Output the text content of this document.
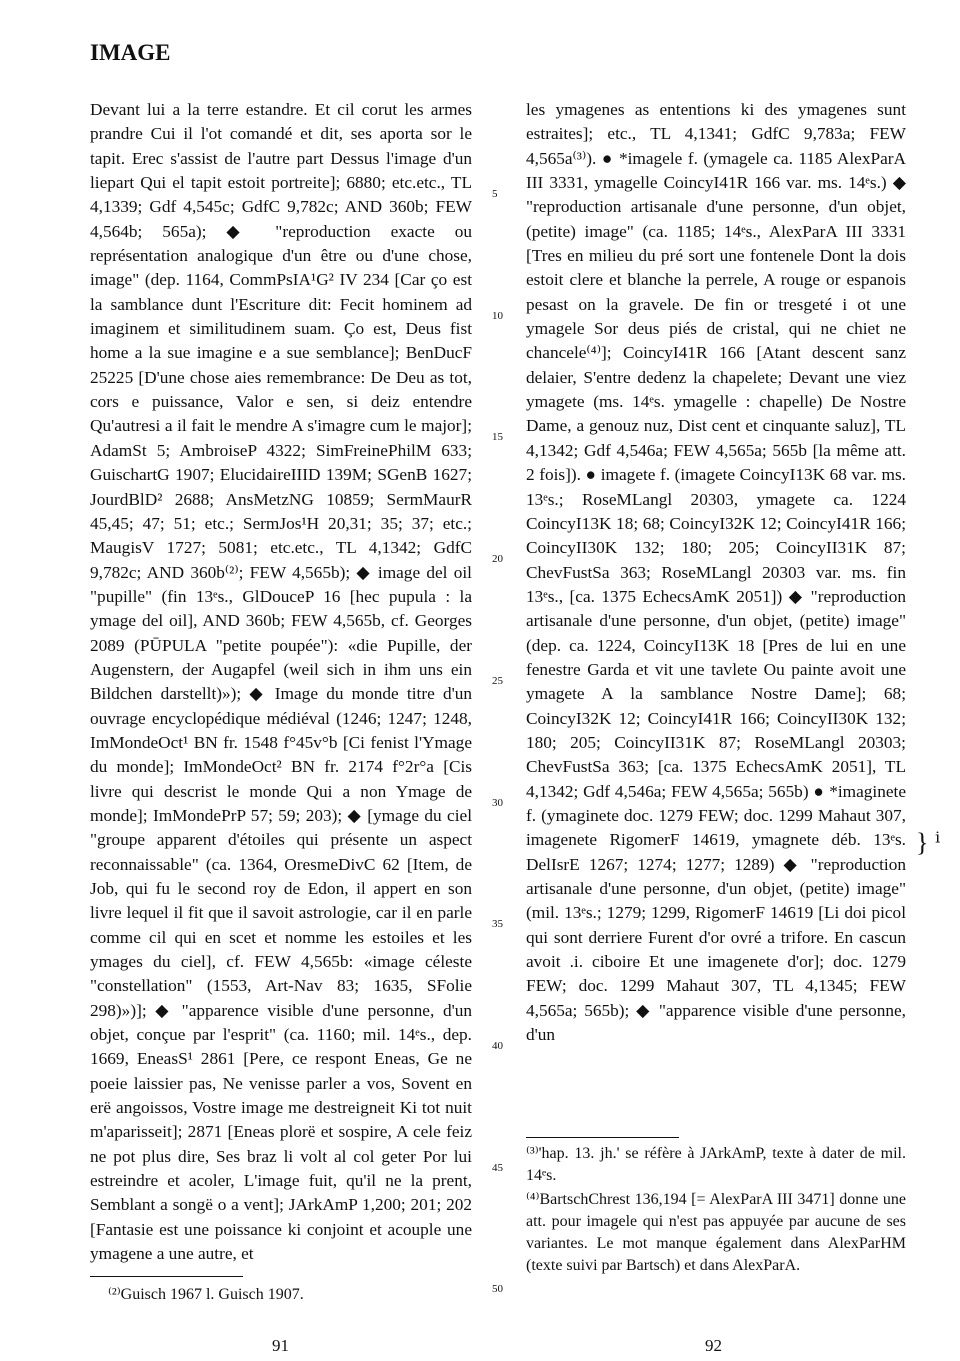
IMAGE

Devant lui a la terre estandre. Et cil corut les armes prandre Cui il l'ot comandé et dit, ses aporta sor le tapit. Erec s'assist de l'autre part Dessus l'image d'un liepart Qui el tapit estoit portreite]; 6880; etc.etc., TL 4,1339; Gdf 4,545c; GdfC 9,782c; AND 360b; FEW 4,564b; 565a); ◆ "reproduction exacte ou représentation analogique d'un être ou d'une chose, image" (dep. 1164, CommPsIA¹G² IV 234 [Car ço est la samblance dunt l'Escriture dit: Fecit hominem ad imaginem et similitudinem suam. Ço est, Deus fist home a la sue imagine e a sue semblance]; BenDucF 25225 [D'une chose aies remembrance: De Deu as tot, cors e puissance, Valor e sen, si deiz entendre Qu'autresi a il fait le mendre A s'imagre cum le major]; AdamSt 5; AmbroiseP 4322; SimFreinePhilM 633; GuischartG 1907; ElucidaireIIID 139M; SGenB 1627; JourdBlD² 2688; AnsMetzNG 10859; SermMaurR 45,45; 47; 51; etc.; SermJos¹H 20,31; 35; 37; etc.; MaugisV 1727; 5081; etc.etc., TL 4,1342; GdfC 9,782c; AND 360b⁽²⁾; FEW 4,565b); ◆ image del oil "pupille" (fin 13ᵉs., GlDouceP 16 [hec pupula : la ymage del oil], AND 360b; FEW 4,565b, cf. Georges 2089 (PŪPULA "petite poupée"): «die Pupille, der Augenstern, der Augapfel (weil sich in ihm uns ein Bildchen darstellt)»); ◆ Image du monde titre d'un ouvrage encyclopédique médiéval (1246; 1247; 1248, ImMondeOct¹ BN fr. 1548 f°45v°b [Ci fenist l'Ymage du monde]; ImMondeOct² BN fr. 2174 f°2r°a [Cis livre qui descrist le monde Qui a non Ymage de monde]; ImMondePrP 57; 59; 203); ◆ [ymage du ciel "groupe apparent d'étoiles qui présente un aspect reconnaissable" (ca. 1364, OresmeDivC 62 [Item, de Job, qui fu le second roy de Edon, il appert en son livre lequel il fit que il savoit astrologie, car il en parle comme cil qui en scet et nomme les estoiles et les ymages du ciel], cf. FEW 4,565b: «image céleste "constellation" (1553, Art-Nav 83; 1635, SFolie 298)»)]; ◆ "apparence visible d'une personne, d'un objet, conçue par l'esprit" (ca. 1160; mil. 14ᵉs., dep. 1669, EneasS¹ 2861 [Pere, ce respont Eneas, Ge ne poeie laissier pas, Ne venisse parler a vos, Sovent en erë angoissos, Vostre image me destreigneit Ki tot nuit m'aparisseit]; 2871 [Eneas plorë et sospire, A cele feiz ne pot plus dire, Ses braz li volt al col geter Por lui estreindre et acoler, L'image fuit, qu'il ne la prent, Semblant a songë o a vent]; JArkAmP 1,200; 201; 202 [Fantasie est une poissance ki conjoint et acouple une ymagene a une autre, et

5
10
15
20
25
30
35
40
45
50

les ymagenes as ententions ki des ymagenes sunt estraites]; etc., TL 4,1341; GdfC 9,783a; FEW 4,565a⁽³⁾). ● *imagele f. (ymagele ca. 1185 AlexParA III 3331, ymagelle CoincyI41R 166 var. ms. 14ᵉs.) ◆ "reproduction artisanale d'une personne, d'un objet, (petite) image" (ca. 1185; 14ᵉs., AlexParA III 3331 [Tres en milieu du pré sort une fontenele Dont la dois estoit clere et blanche la perrele, A rouge or espanois pesast on la gravele. De fin or tresgeté i ot une ymagele Sor deus piés de cristal, qui ne chiet ne chancele⁽⁴⁾]; CoincyI41R 166 [Atant descent sanz delaier, S'entre dedenz la chapelete; Devant une viez ymagete (ms. 14ᵉs. ymagelle : chapelle) De Nostre Dame, a genouz nuz, Dist cent et cinquante saluz], TL 4,1342; Gdf 4,546a; FEW 4,565a; 565b [la même att. 2 fois]). ● imagete f. (imagete CoincyI13K 68 var. ms. 13ᵉs.; RoseMLangl 20303, ymagete ca. 1224 CoincyI13K 18; 68; CoincyI32K 12; CoincyI41R 166; CoincyII30K 132; 180; 205; CoincyII31K 87; ChevFustSa 363; RoseMLangl 20303 var. ms. fin 13ᵉs., [ca. 1375 EchecsAmK 2051]) ◆ "reproduction artisanale d'une personne, d'un objet, (petite) image" (dep. ca. 1224, CoincyI13K 18 [Pres de lui en une fenestre Garda et vit une tavlete Ou painte avoit une ymagete A la samblance Nostre Dame]; 68; CoincyI32K 12; CoincyI41R 166; CoincyII30K 132; 180; 205; CoincyII31K 87; RoseMLangl 20303; ChevFustSa 363; [ca. 1375 EchecsAmK 2051], TL 4,1342; Gdf 4,546a; FEW 4,565a; 565b) ● *imaginete f. (ymaginete doc. 1279 FEW; doc. 1299 Mahaut 307, imagenete RigomerF 14619, ymagnete déb. 13ᵉs. DelIsrE 1267; 1274; 1277; 1289) ◆ "reproduction artisanale d'une personne, d'un objet, (petite) image" (mil. 13ᵉs.; 1279; 1299, RigomerF 14619 [Li doi picol qui sont derriere Furent d'or ovré a trifore. En cascun avoit .i. ciboire Et une imagenete d'or]; doc. 1279 FEW; doc. 1299 Mahaut 307, TL 4,1345; FEW 4,565a; 565b); ◆ "apparence visible d'une personne, d'un

} ⁱ
⁽²⁾Guisch 1967 l. Guisch 1907.
⁽³⁾'hap. 13. jh.' se réfère à JArkAmP, texte à dater de mil. 14ᵉs.
⁽⁴⁾BartschChrest 136,194 [= AlexParA III 3471] donne une att. pour imagele qui n'est pas appuyée par aucune de ses variantes. Le mot manque également dans AlexParHM (texte suivi par Bartsch) et dans AlexParA.
91	92
